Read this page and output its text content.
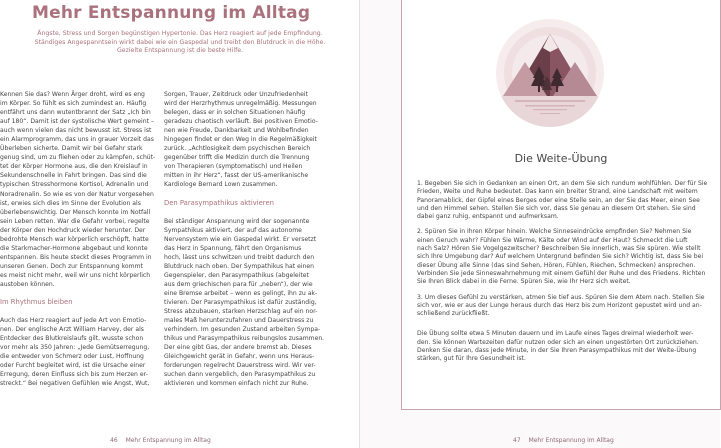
Mehr Entspannung im Alltag
Ängste, Stress und Sorgen begünstigen Hypertonie. Das Herz reagiert auf jede Empfindung.
Ständiges Angespanntsein wirkt dabei wie ein Gaspedal und treibt den Blutdruck in die Höhe.
Gezielte Entspannung ist die beste Hilfe.
Kennen Sie das? Wenn Ärger droht, wird es eng
im Körper. So fühlt es sich zumindest an. Häufig
entfährt uns dann wutentbrannt der Satz „Ich bin
auf 180“. Damit ist der systolische Wert gemeint –
auch wenn vielen das nicht bewusst ist. Stress ist
ein Alarmprogramm, das uns in grauer Vorzeit das
Überleben sicherte. Damit wir bei Gefahr stark
genug sind, um zu fliehen oder zu kämpfen, schüt-
tet der Körper Hormone aus, die den Kreislauf in
Sekundenschnelle in Fahrt bringen. Das sind die
typischen Stresshormone Kortisol, Adrenalin und
Noradrenalin. So wie es von der Natur vorgesehen
ist, erwies sich dies im Sinne der Evolution als
überlebenswichtig. Der Mensch konnte im Notfall
sein Leben retten. War die Gefahr vorbei, regelte
der Körper den Hochdruck wieder herunter. Der
bedrohte Mensch war körperlich erschöpft, hatte
die Starkmacher-Hormone abgebaut und konnte
entspannen. Bis heute steckt dieses Programm in
unseren Genen. Doch zur Entspannung kommt
es meist nicht mehr, weil wir uns nicht körperlich
austoben können.
Im Rhythmus bleiben
Auch das Herz reagiert auf jede Art von Emotio-
nen. Der englische Arzt William Harvey, der als
Entdecker des Blutkreislaufs gilt, wusste schon
vor mehr als 350 Jahren: „Jede Gemütserregung,
die entweder von Schmerz oder Lust, Hoffnung
oder Furcht begleitet wird, ist die Ursache einer
Erregung, deren Einfluss sich bis zum Herzen er-
streckt.“ Bei negativen Gefühlen wie Angst, Wut,
Sorgen, Trauer, Zeitdruck oder Unzufriedenheit
wird der Herzrhythmus unregelmäßig. Messungen
belegen, dass er in solchen Situationen häufig
geradezu chaotisch verläuft. Bei positiven Emotio-
nen wie Freude, Dankbarkeit und Wohlbefinden
hingegen findet er den Weg in die Regelmäßigkeit
zurück. „Achtlosigkeit dem psychischen Bereich
gegenüber trifft die Medizin durch die Trennung
von Therapieren (symptomatisch) und Heilen
mitten in ihr Herz“, fasst der US-amerikanische
Kardiologe Bernard Lown zusammen.
Den Parasympathikus aktivieren
Bei ständiger Anspannung wird der sogenannte
Sympathikus aktiviert, der auf das autonome
Nervensystem wie ein Gaspedal wirkt. Er versetzt
das Herz in Spannung, fährt den Organismus
hoch, lässt uns schwitzen und treibt dadurch den
Blutdruck nach oben. Der Sympathikus hat einen
Gegenspieler, den Parasympathikus (abgeleitet
aus dem griechischen para für „neben“), der wie
eine Bremse arbeitet – wenn es gelingt, ihn zu ak-
tivieren. Der Parasympathikus ist dafür zuständig,
Stress abzubauen, starken Herzschlag auf ein nor-
males Maß herunterzufahren und Dauerstress zu
verhindern. Im gesunden Zustand arbeiten Sympa-
thikus und Parasympathikus reibungslos zusammen.
Der eine gibt Gas, der andere bremst ab. Dieses
Gleichgewicht gerät in Gefahr, wenn uns Heraus-
forderungen regelrecht Dauerstress wird. Wir ver-
suchen dann vergeblich, den Parasympathikus zu
aktivieren und kommen einfach nicht zur Ruhe.
46 Mehr Entspannung im Alltag	47 Mehr Entspannung im Alltag
Die Weite-Übung
1. Begeben Sie sich in Gedanken an einen Ort, an dem Sie sich rundum wohlfühlen. Der für Sie
Frieden, Weite und Ruhe bedeutet. Das kann ein breiter Strand, eine Landschaft mit weitem
Panoramablick, der Gipfel eines Berges oder eine Stelle sein, an der Sie das Meer, einen See
und den Himmel sehen. Stellen Sie sich vor, dass Sie genau an diesem Ort stehen. Sie sind
dabei ganz ruhig, entspannt und aufmerksam.
2. Spüren Sie in Ihren Körper hinein. Welche Sinneseindrücke empfinden Sie? Nehmen Sie
einen Geruch wahr? Fühlen Sie Wärme, Kälte oder Wind auf der Haut? Schmeckt die Luft
nach Salz? Hören Sie Vogelgezwitscher? Beschreiben Sie innerlich, was Sie spüren. Wie stellt
sich Ihre Umgebung dar? Auf welchem Untergrund befinden Sie sich? Wichtig ist, dass Sie bei
dieser Übung alle Sinne (das sind Sehen, Hören, Fühlen, Riechen, Schmecken) ansprechen.
Verbinden Sie jede Sinneswahrnehmung mit einem Gefühl der Ruhe und des Friedens. Richten
Sie Ihren Blick dabei in die Ferne. Spüren Sie, wie Ihr Herz sich weitet.
3. Um dieses Gefühl zu verstärken, atmen Sie tief aus. Spüren Sie dem Atem nach. Stellen Sie
sich vor, wie er aus der Lunge heraus durch das Herz bis zum Horizont gepustet wird und an-
schließend zurückfließt.
Die Übung sollte etwa 5 Minuten dauern und im Laufe eines Tages dreimal wiederholt wer-
den. Sie können Wartezeiten dafür nutzen oder sich an einen ungestörten Ort zurückziehen.
Denken Sie daran, dass jede Minute, in der Sie Ihren Parasympathikus mit der Weite-Übung
stärken, gut für Ihre Gesundheit ist.
